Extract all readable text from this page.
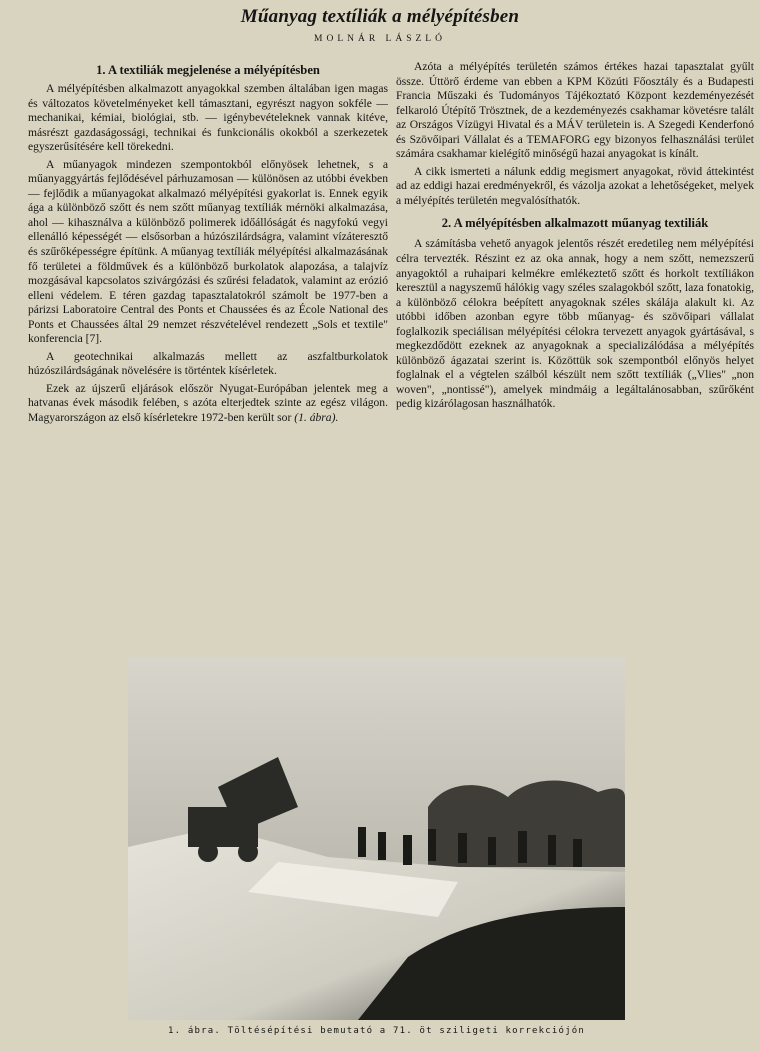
Műanyag textíliák a mélyépítésben

MOLNÁR LÁSZLÓ

1. A textiliák megjelenése a mélyépítésben

A mélyépítésben alkalmazott anyagokkal szemben általában igen magas és változatos követelményeket kell támasztani, egyrészt nagyon sokféle — mechanikai, kémiai, biológiai, stb. — igénybevételeknek vannak kitéve, másrészt gazdaságossági, technikai és funkcionális okokból a szerkezetek egyszerűsítésére kell törekedni.

A műanyagok mindezen szempontokból előnyösek lehetnek, s a műanyaggyártás fejlődésével párhuzamosan — különösen az utóbbi években — fejlődik a műanyagokat alkalmazó mélyépítési gyakorlat is. Ennek egyik ága a különböző szőtt és nem szőtt műanyag textíliák mérnöki alkalmazása, ahol — kihasználva a különböző polimerek időállóságát és nagyfokú vegyi ellenálló képességét — elsősorban a húzószilárdságra, valamint vízáteresztő és szűrőképességre építünk. A műanyag textíliák mélyépítési alkalmazásának fő területei a földművek és a különböző burkolatok alapozása, a talajvíz mozgásával kapcsolatos szivárgózási és szűrési feladatok, valamint az erózió elleni védelem. E téren gazdag tapasztalatokról számolt be 1977-ben a párizsi Laboratoire Central des Ponts et Chaussées és az École National des Ponts et Chaussées által 29 nemzet részvételével rendezett „Sols et textile" konferencia [7].

A geotechnikai alkalmazás mellett az aszfaltburkolatok húzószilárdságának növelésére is történtek kísérletek.

Ezek az újszerű eljárások először Nyugat-Európában jelentek meg a hatvanas évek második felében, s azóta elterjedtek szinte az egész világon. Magyarországon az első kísérletekre 1972-ben került sor (1. ábra).

Azóta a mélyépítés területén számos értékes hazai tapasztalat gyűlt össze. Úttörő érdeme van ebben a KPM Közúti Főosztály és a Budapesti Francia Műszaki és Tudományos Tájékoztató Központ kezdeményezését felkaroló Útépítő Trösztnek, de a kezdeményezés csakhamar követésre talált az Országos Vízügyi Hivatal és a MÁV területein is. A Szegedi Kenderfonó és Szövőipari Vállalat és a TEMAFORG egy bizonyos felhasználási terület számára csakhamar kielégítő minőségű hazai anyagokat is kínált.

A cikk ismerteti a nálunk eddig megismert anyagokat, rövid áttekintést ad az eddigi hazai eredményekről, és vázolja azokat a lehetőségeket, melyek a mélyépítés területén megvalósíthatók.

2. A mélyépítésben alkalmazott műanyag textiliák

A számításba vehető anyagok jelentős részét eredetileg nem mélyépítési célra tervezték. Részint ez az oka annak, hogy a nem szőtt, nemezszerű anyagoktól a ruhaipari kelmékre emlékeztető szőtt és horkolt textíliákon keresztül a nagyszemű hálókig vagy széles szalagokból szőtt, laza fonatokig, a különböző célokra beépített anyagoknak széles skálája alakult ki. Az utóbbi időben azonban egyre több műanyag- és szövőipari vállalat foglalkozik speciálisan mélyépítési célokra tervezett anyagok gyártásával, s megkezdődött ezeknek az anyagoknak a specializálódása a mélyépítés különböző ágazatai szerint is. Közöttük sok szempontból előnyös helyet foglalnak el a végtelen szálból készült nem szőtt textíliák („Vlies" „non woven", „nontissé"), amelyek mindmáig a legáltalánosabban, szűrőként pedig kizárólagosan használhatók.

1. ábra. Töltésépítési bemutató a 71. öt sziligeti korrekciójón
